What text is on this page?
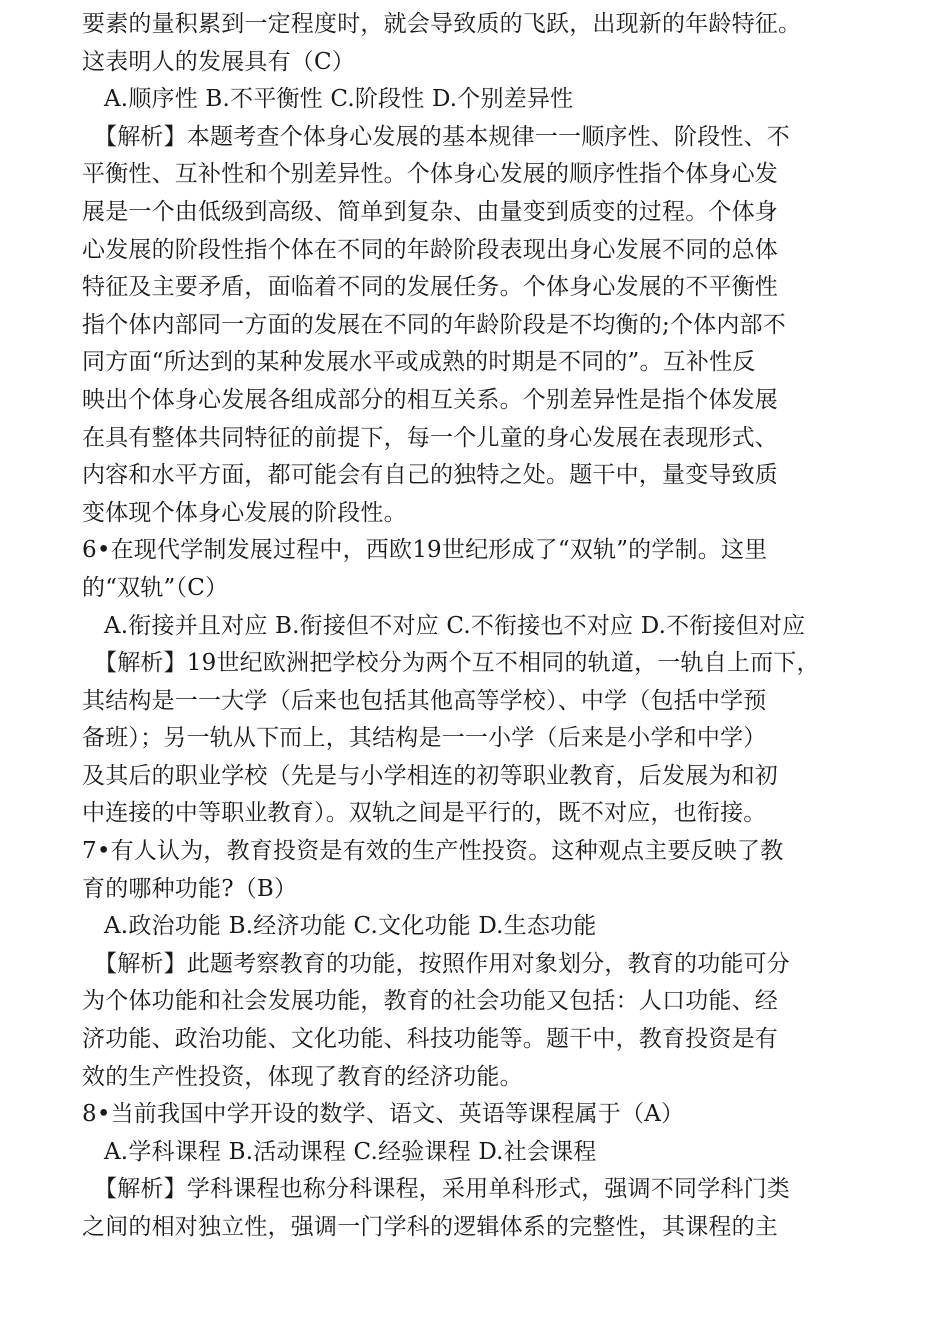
要素的量积累到一定程度时，就会导致质的飞跃，出现新的年龄特征。
这表明人的发展具有（C）
A.顺序性 B.不平衡性 C.阶段性 D.个别差异性
【解析】本题考查个体身心发展的基本规律一一顺序性、阶段性、不
平衡性、互补性和个别差异性。个体身心发展的顺序性指个体身心发
展是一个由低级到高级、简单到复杂、由量变到质变的过程。个体身
心发展的阶段性指个体在不同的年龄阶段表现出身心发展不同的总体
特征及主要矛盾，面临着不同的发展任务。个体身心发展的不平衡性
指个体内部同一方面的发展在不同的年龄阶段是不均衡的;个体内部不
同方面“所达到的某种发展水平或成熟的时期是不同的”。互补性反
映出个体身心发展各组成部分的相互关系。个别差异性是指个体发展
在具有整体共同特征的前提下，每一个儿童的身心发展在表现形式、
内容和水平方面，都可能会有自己的独特之处。题干中，量变导致质
变体现个体身心发展的阶段性。
6•在现代学制发展过程中，西欧19世纪形成了“双轨”的学制。这里
的“双轨”（C）
A.衔接并且对应 B.衔接但不对应 C.不衔接也不对应 D.不衔接但对应
【解析】19世纪欧洲把学校分为两个互不相同的轨道，一轨自上而下，
其结构是一一大学（后来也包括其他高等学校）、中学（包括中学预
备班）；另一轨从下而上，其结构是一一小学（后来是小学和中学）
及其后的职业学校（先是与小学相连的初等职业教育，后发展为和初
中连接的中等职业教育）。双轨之间是平行的，既不对应，也衔接。
7•有人认为，教育投资是有效的生产性投资。这种观点主要反映了教
育的哪种功能?（B）
A.政治功能 B.经济功能 C.文化功能 D.生态功能
【解析】此题考察教育的功能，按照作用对象划分，教育的功能可分
为个体功能和社会发展功能，教育的社会功能又包括：人口功能、经
济功能、政治功能、文化功能、科技功能等。题干中，教育投资是有
效的生产性投资，体现了教育的经济功能。
8•当前我国中学开设的数学、语文、英语等课程属于（A）
A.学科课程 B.活动课程 C.经验课程 D.社会课程
【解析】学科课程也称分科课程，采用单科形式，强调不同学科门类
之间的相对独立性，强调一门学科的逻辑体系的完整性，其课程的主
